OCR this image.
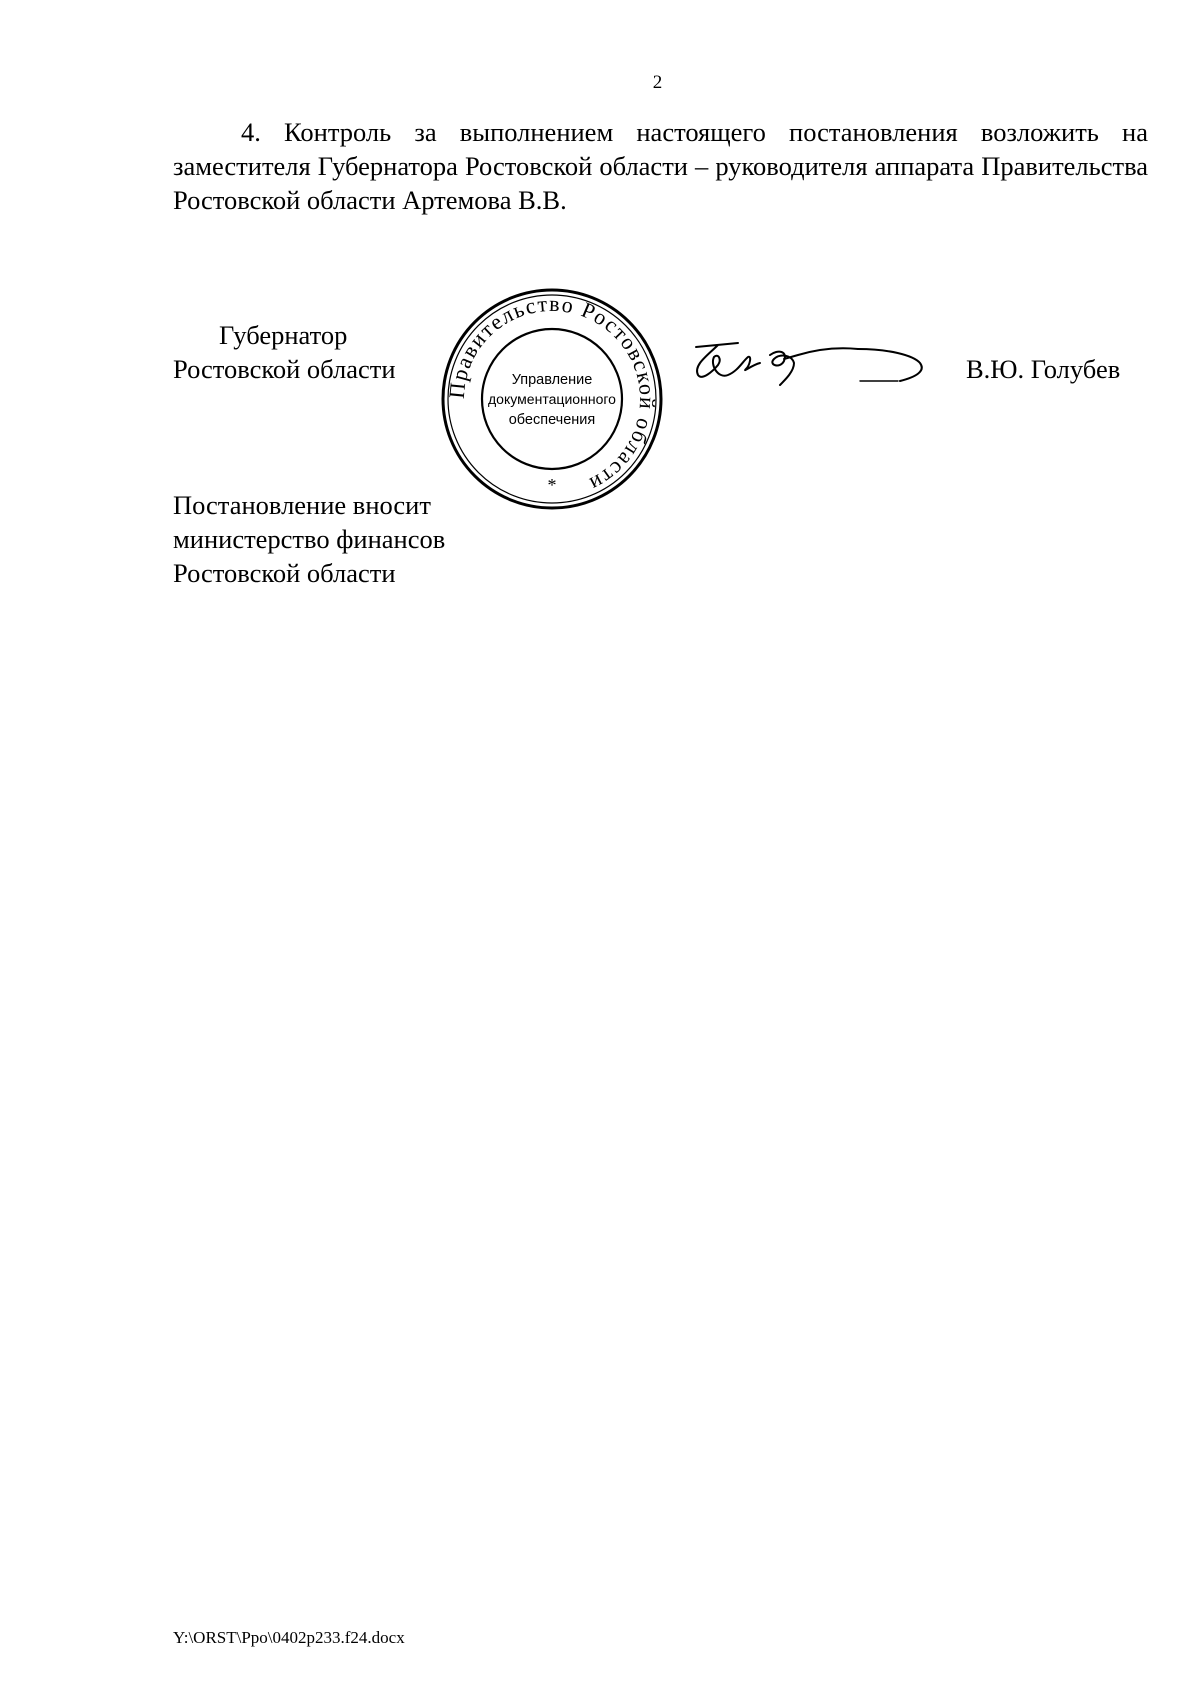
2
4. Контроль за выполнением настоящего постановления возложить на заместителя Губернатора Ростовской области – руководителя аппарата Правительства Ростовской области Артемова В.В.
Губернатор
Ростовской области
Правительство Ростовской области
Управление
документационного
обеспечения
*
В.Ю. Голубев
Постановление вносит
министерство финансов
Ростовской области
Y:\ORST\Ppo\0402p233.f24.docx
